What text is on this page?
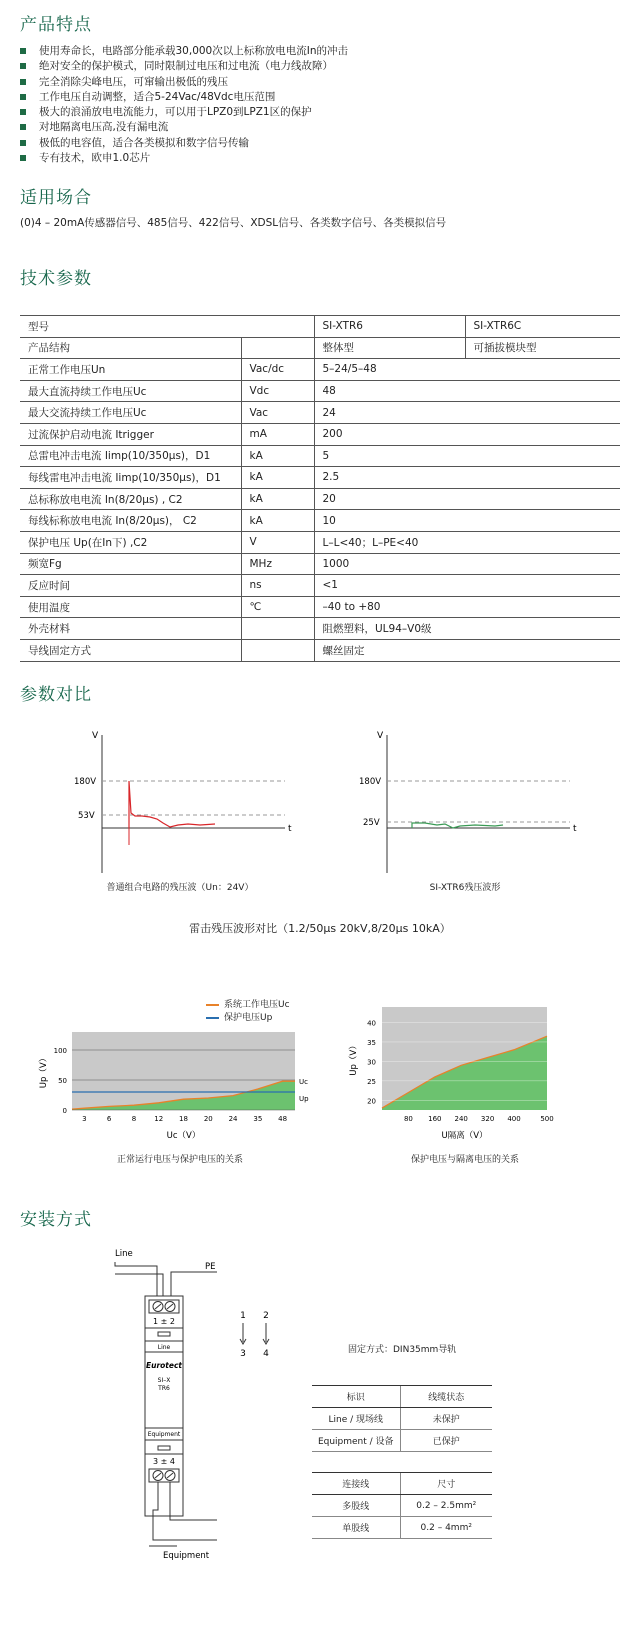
产品特点
使用寿命长，电路部分能承载30,000次以上标称放电电流In的冲击
绝对安全的保护模式，同时限制过电压和过电流（电力线故障）
完全消除尖峰电压，可窜输出极低的残压
工作电压自动调整，适合5-24Vac/48Vdc电压范围
极大的浪涌放电电流能力，可以用于LPZ0到LPZ1区的保护
对地隔离电压高,没有漏电流
极低的电容值，适合各类模拟和数字信号传输
专有技术，欧申1.0芯片
适用场合
(0)4 – 20mA传感器信号、485信号、422信号、XDSL信号、各类数字信号、各类模拟信号
技术参数
型号		SI-XTR6	SI-XTR6C
产品结构		整体型	可插拔模块型
正常工作电压Un	Vac/dc	5–24/5–48	
最大直流持续工作电压Uc	Vdc	48	
最大交流持续工作电压Uc	Vac	24	
过流保护启动电流 Itrigger	mA	200	
总雷电冲击电流 Iimp(10/350μs)，D1	kA	5	
每线雷电冲击电流 Iimp(10/350μs)，D1	kA	2.5	
总标称放电电流 In(8/20μs) , C2	kA	20	
每线标称放电电流 In(8/20μs)， C2	kA	10	
保护电压 Up(在In下) ,C2	V	L–L<40；L–PE<40	
频宽Fg	MHz	1000	
反应时间	ns	<1	
使用温度	℃	–40 to +80	
外壳材料		阻燃塑料，UL94–V0级	
导线固定方式		螺丝固定	
参数对比
V
t
180V
53V
普通组合电路的残压波（Un：24V）
V
t
180V
25V
SI-XTR6残压波形
雷击残压波形对比（1.2/50μs 20kV,8/20μs 10kA）
系统工作电压Uc
保护电压Up
0
50
100
3	6	8	12 18 20 24 35 48
Uc
Up
Uc（V）
Up（V）
正常运行电压与保护电压的关系
20
25
30
35
40
80 160 240 320 400	500
U隔离（V）
Up（V）
保护电压与隔离电压的关系
安装方式
Line
PE
1 ± 2
Line
Eurotect
SI–X
TR6
Equipment
3 ± 4
Equipment
1 2
3 4	固定方式：DIN35mm导轨
标识	线缆状态
Line / 现场线	未保护
Equipment / 设备	已保护
连接线	尺寸
多股线	0.2 – 2.5mm²
单股线	0.2 – 4mm²
